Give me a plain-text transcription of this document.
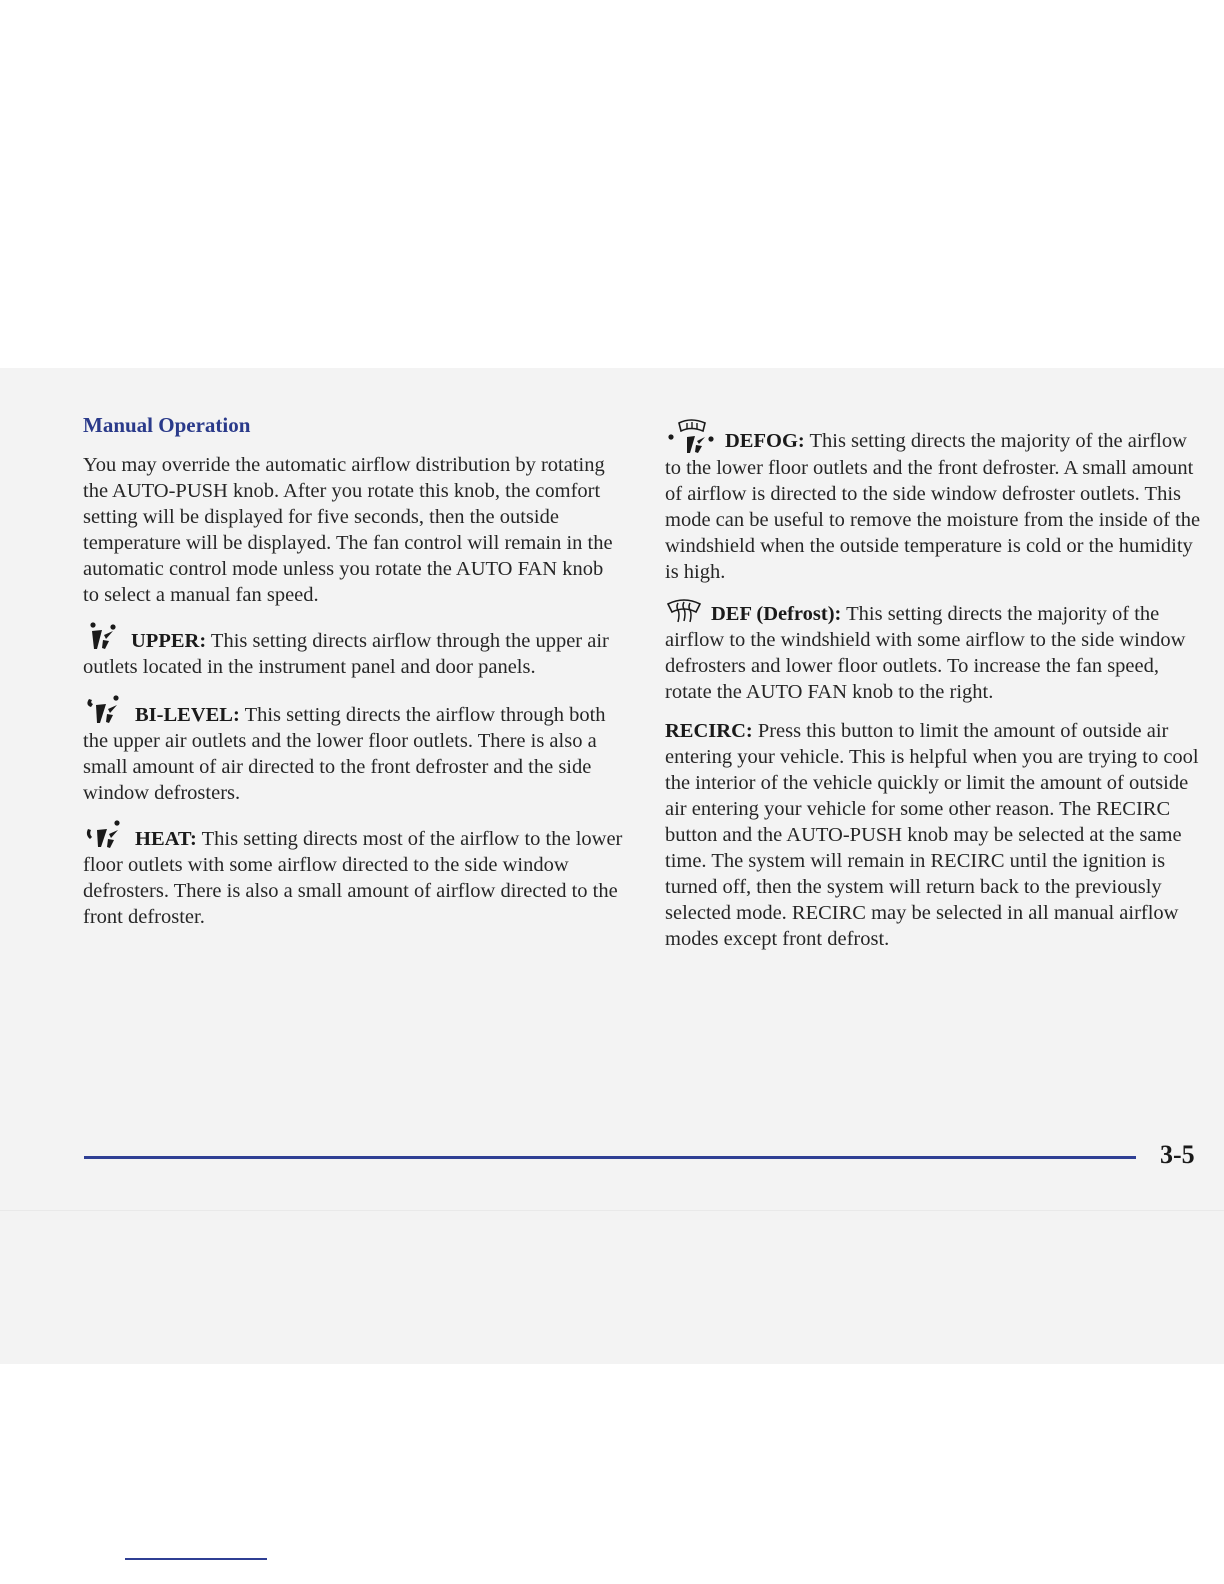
Manual Operation

You may override the automatic airflow distribution by rotating the AUTO-PUSH knob. After you rotate this knob, the comfort setting will be displayed for five seconds, then the outside temperature will be displayed. The fan control will remain in the automatic control mode unless you rotate the AUTO FAN knob to select a manual fan speed.

UPPER: This setting directs airflow through the upper air outlets located in the instrument panel and door panels.

BI-LEVEL: This setting directs the airflow through both the upper air outlets and the lower floor outlets. There is also a small amount of air directed to the front defroster and the side window defrosters.

HEAT: This setting directs most of the airflow to the lower floor outlets with some airflow directed to the side window defrosters. There is also a small amount of airflow directed to the front defroster.

DEFOG: This setting directs the majority of the airflow to the lower floor outlets and the front defroster. A small amount of airflow is directed to the side window defroster outlets. This mode can be useful to remove the moisture from the inside of the windshield when the outside temperature is cold or the humidity is high.

DEF (Defrost): This setting directs the majority of the airflow to the windshield with some airflow to the side window defrosters and lower floor outlets. To increase the fan speed, rotate the AUTO FAN knob to the right.

RECIRC: Press this button to limit the amount of outside air entering your vehicle. This is helpful when you are trying to cool the interior of the vehicle quickly or limit the amount of outside air entering your vehicle for some other reason. The RECIRC button and the AUTO-PUSH knob may be selected at the same time. The system will remain in RECIRC until the ignition is turned off, then the system will return back to the previously selected mode. RECIRC may be selected in all manual airflow modes except front defrost.

3-5
